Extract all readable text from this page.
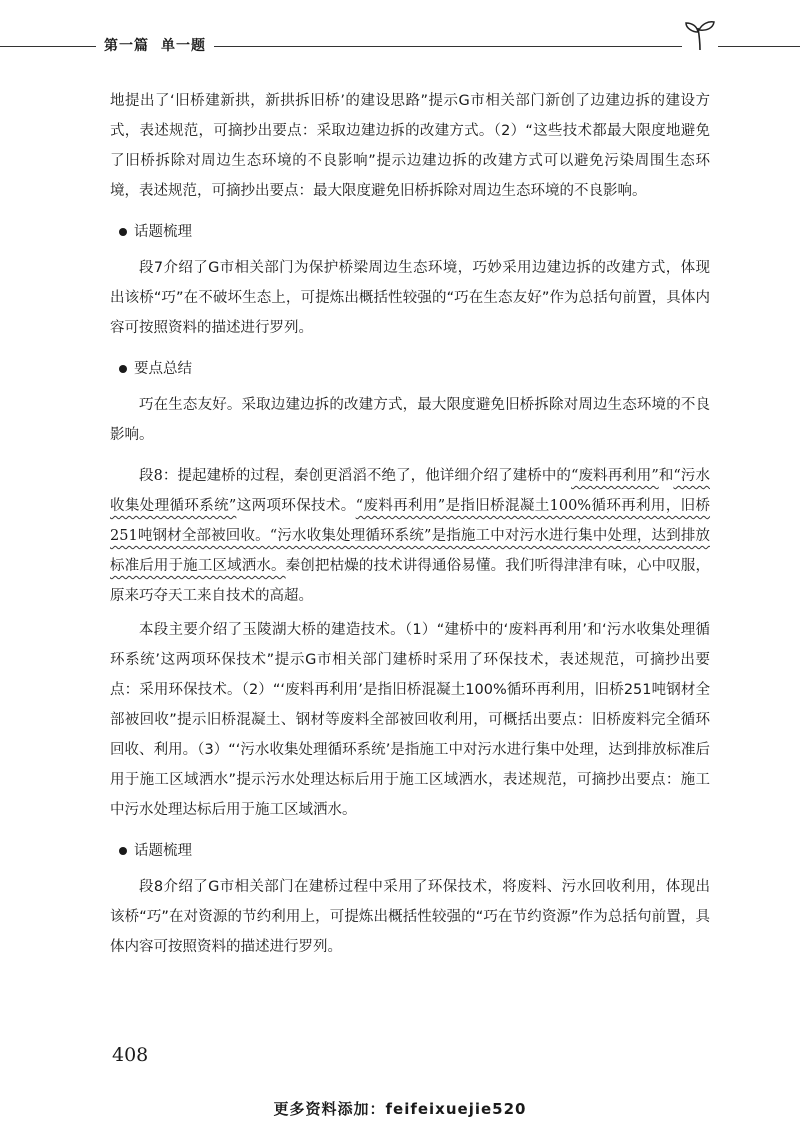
第一篇 单一题

地提出了‘旧桥建新拱，新拱拆旧桥’的建设思路”提示G市相关部门新创了边建边拆的建设方式，表述规范，可摘抄出要点：采取边建边拆的改建方式。（2）“这些技术都最大限度地避免了旧桥拆除对周边生态环境的不良影响”提示边建边拆的改建方式可以避免污染周围生态环境，表述规范，可摘抄出要点：最大限度避免旧桥拆除对周边生态环境的不良影响。

话题梳理

段7介绍了G市相关部门为保护桥梁周边生态环境，巧妙采用边建边拆的改建方式，体现出该桥“巧”在不破坏生态上，可提炼出概括性较强的“巧在生态友好”作为总括句前置，具体内容可按照资料的描述进行罗列。

要点总结

巧在生态友好。采取边建边拆的改建方式，最大限度避免旧桥拆除对周边生态环境的不良影响。

段8：提起建桥的过程，秦创更滔滔不绝了，他详细介绍了建桥中的“废料再利用”和“污水收集处理循环系统”这两项环保技术。“废料再利用”是指旧桥混凝土100%循环再利用，旧桥251吨钢材全部被回收。“污水收集处理循环系统”是指施工中对污水进行集中处理，达到排放标准后用于施工区域洒水。秦创把枯燥的技术讲得通俗易懂。我们听得津津有味，心中叹服，原来巧夺天工来自技术的高超。

本段主要介绍了玉陵湖大桥的建造技术。（1）“建桥中的‘废料再利用’和‘污水收集处理循环系统’这两项环保技术”提示G市相关部门建桥时采用了环保技术，表述规范，可摘抄出要点：采用环保技术。（2）“‘废料再利用’是指旧桥混凝土100%循环再利用，旧桥251吨钢材全部被回收”提示旧桥混凝土、钢材等废料全部被回收利用，可概括出要点：旧桥废料完全循环回收、利用。（3）“‘污水收集处理循环系统’是指施工中对污水进行集中处理，达到排放标准后用于施工区域洒水”提示污水处理达标后用于施工区域洒水，表述规范，可摘抄出要点：施工中污水处理达标后用于施工区域洒水。

话题梳理

段8介绍了G市相关部门在建桥过程中采用了环保技术，将废料、污水回收利用，体现出该桥“巧”在对资源的节约利用上，可提炼出概括性较强的“巧在节约资源”作为总括句前置，具体内容可按照资料的描述进行罗列。

408
更多资料添加：feifeixuejie520
